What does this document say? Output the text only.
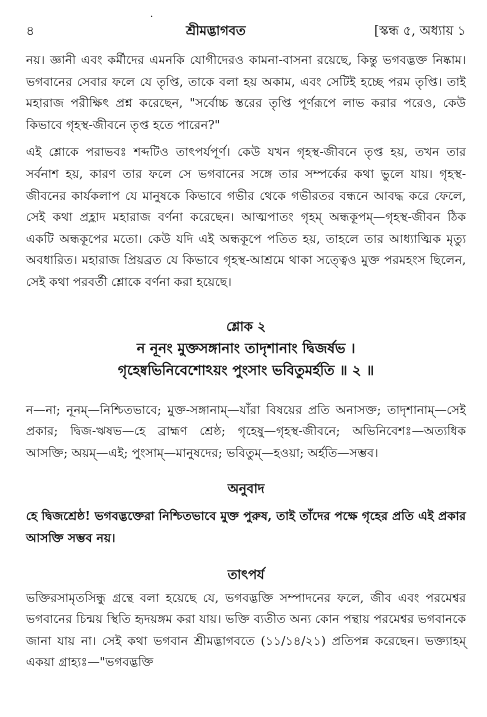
৪
·
শ্রীমদ্ভাগবত	[স্কন্ধ ৫, অধ্যায় ১

নয়। জ্ঞানী এবং কর্মীদের এমনকি যোগীদেরও কামনা-বাসনা রয়েছে, কিন্তু ভগবদ্ভক্ত নিষ্কাম। ভগবানের সেবার ফলে যে তৃপ্তি, তাকে বলা হয় অকাম, এবং সেটিই হচ্ছে পরম তৃপ্তি। তাই মহারাজ পরীক্ষিৎ প্রশ্ন করেছেন, "সর্বোচ্চ স্তরের তৃপ্তি পূর্ণরূপে লাভ করার পরেও, কেউ কিভাবে গৃহস্থ-জীবনে তৃপ্ত হতে পারেন?"

এই শ্লোকে পরাভবঃ শব্দটিও তাৎপর্যপূর্ণ। কেউ যখন গৃহস্থ-জীবনে তৃপ্ত হয়, তখন তার সর্বনাশ হয়, কারণ তার ফলে সে ভগবানের সঙ্গে তার সম্পর্কের কথা ভুলে যায়। গৃহস্থ-জীবনের কার্যকলাপ যে মানুষকে কিভাবে গভীর থেকে গভীরতর বন্ধনে আবদ্ধ করে ফেলে, সেই কথা প্রহ্লাদ মহারাজ বর্ণনা করেছেন। আত্মপাতং গৃহম্ অন্ধকূপম্—গৃহস্থ-জীবন ঠিক একটি অন্ধকূপের মতো। কেউ যদি এই অন্ধকূপে পতিত হয়, তাহলে তার আধ্যাত্মিক মৃত্যু অবধারিত। মহারাজ প্রিয়ব্রত যে কিভাবে গৃহস্থ-আশ্রমে থাকা সত্ত্বেও মুক্ত পরমহংস ছিলেন, সেই কথা পরবর্তী শ্লোকে বর্ণনা করা হয়েছে।

শ্লোক ২
ন নূনং মুক্তসঙ্গানাং তাদৃশানাং দ্বিজর্ষভ ।
গৃহেষ্বভিনিবেশোঽয়ং পুংসাং ভবিতুমর্হতি ॥ ২ ॥

ন—না; নূনম্—নিশ্চিতভাবে; মুক্ত-সঙ্গানাম্—যাঁরা বিষয়ের প্রতি অনাসক্ত; তাদৃশানাম্—সেই প্রকার; দ্বিজ-ঋষভ—হে ব্রাহ্মণ শ্রেষ্ঠ; গৃহেষু—গৃহস্থ-জীবনে; অভিনিবেশঃ—অত্যধিক আসক্তি; অয়ম্—এই; পুংসাম্—মানুষদের; ভবিতুম্—হওয়া; অর্হতি—সম্ভব।

অনুবাদ

হে দ্বিজশ্রেষ্ঠ! ভগবদ্ভক্তেরা নিশ্চিতভাবে মুক্ত পুরুষ, তাই তাঁদের পক্ষে গৃহের প্রতি এই প্রকার আসক্তি সম্ভব নয়।

তাৎপর্য

ভক্তিরসামৃতসিন্ধু গ্রন্থে বলা হয়েছে যে, ভগবদ্ভক্তি সম্পাদনের ফলে, জীব এবং পরমেশ্বর ভগবানের চিন্ময় স্থিতি হৃদয়ঙ্গম করা যায়। ভক্তি ব্যতীত অন্য কোন পন্থায় পরমেশ্বর ভগবানকে জানা যায় না। সেই কথা ভগবান শ্রীমদ্ভাগবতে (১১/১৪/২১) প্রতিপন্ন করেছেন। ভক্ত্যাহম্ একয়া গ্রাহ্যঃ—"ভগবদ্ভক্তি
